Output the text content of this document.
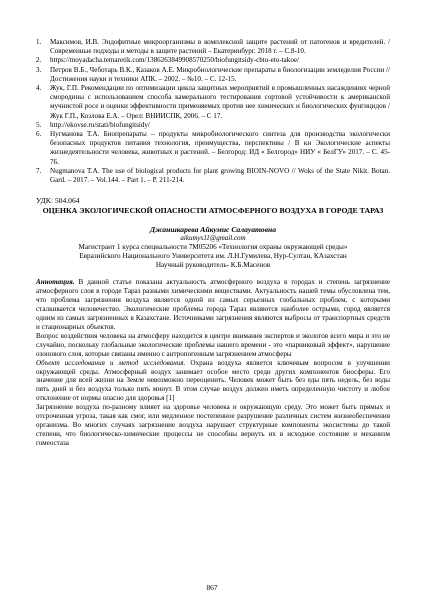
1. Максимов, И.В. Эндофитные микроорганизмы в комплексной защите растений от патогенов и вредителей. / Современные подходы и методы в защите растений – Екатеринбург. 2018 г. – С.8-10.
2. https://moyadacha.temaretik.com/1386263849908570250/biofungitsidy-chto-eto-takoe/
3. Петров В.Б., Чеботарь В.К., Казаков А.Е. Микробиологические препараты в биологизации земледелия России // Достижения науки и техники АПК. – 2002. – №10. – С. 12-15.
4. Жук, Г.П. Рекомендации по оптимизации цикла защитных мероприятий в промышленных насаждениях черной смородины с использованием способа камерального тестирования сортовой устойчивости к американской мучнистой росе и оценки эффективности применяемых против нее химических и биологических фунгицидов / Жук Г.П., Козлова Е.А. – Орел: ВНИИСПК, 2006. – С 17.
5. http://ekovse.ru/stati/biofungitsidy/
6. Нугманова Т.А. Биопрепараты – продукты микробиологического синтеза для производства экологически безопасных продуктов питания технология, преимущества, перспективы / В кн Экологические аспекты жизнедеятельности человека, животных и растений. – Белгород: ИД « Белгород» НИУ « БелГУ» 2017. – С. 45-76.
7. Nugmanova T.A. The use of biological products for plant growing BIOIN-NOVO // Woks of the State Nikit. Botan. Gard. – 2017. – Vol.144. – Part 1. – P. 211-214.
УДК: 504.064
ОЦЕНКА ЭКОЛОГИЧЕСКОЙ ОПАСНОСТИ АТМОСФЕРНОГО ВОЗДУХА В ГОРОДЕ ТАРАЗ
Джаншкарева Айкумис Салауатовна
aikumys11@gmail.com
Магистрант 1 курса специальности 7М05206 «Технология охраны окружающей среды»
Евразийского Национального Университета им. Л.Н.Гумилева, Нур-Султан, КАзахстан
Научный руководитель- К.Б.Масенов

Аннотация. В данной статье показана актуальность атмосферного воздуха в городах и степень загрязнение атмосферного слоя в городе Тараз разными химическими веществами. Актуальность нашей темы обусловлена тем, что проблема загрязнения воздуха является одной из самых серьезных глобальных проблем, с которыми сталкивается человечество. Экологические проблемы города Тараз являются наиболее острыми, город является одним из самых загрязненных в Казахстане. Источниками загрязнения являются выбросы от транспортных средств и стационарных объектов.

Вопрос воздействия человека на атмосферу находится в центре внимания экспертов и экологов всего мира и это не случайно, поскольку глобальные экологические проблемы нашего времени - это «парниковый эффект», нарушение озонового слоя, которые связаны именно с антропогенным загрязнением атмосферы

Объект исследования и метод исследования. Охрана воздуха является ключевым вопросом в улучшении окружающей среды. Атмосферный воздух занимает особое место среди других компонентов биосферы. Его значение для всей жизни на Земле невозможно переоценить. Человек может быть без еды пять недель, без воды пять дней и без воздуха только пять минут. В этом случае воздух должен иметь определенную чистоту и любое отклонение от нормы опасно для здоровья [1]

Загрязнение воздуха по-разному влияет на здоровье человека и окружающую среду. Это может быть прямых и отсроченная угроза, такая как смог, или медленное постепенное разрушение различных систем жизнеобеспечения организма. Во многих случаях загрязнение воздуха нарушает структурные компоненты экосистемы до такой степени, что биологическо-химические процессы не способны вернуть их в исходное состояние и механизм гомеостаза

867
